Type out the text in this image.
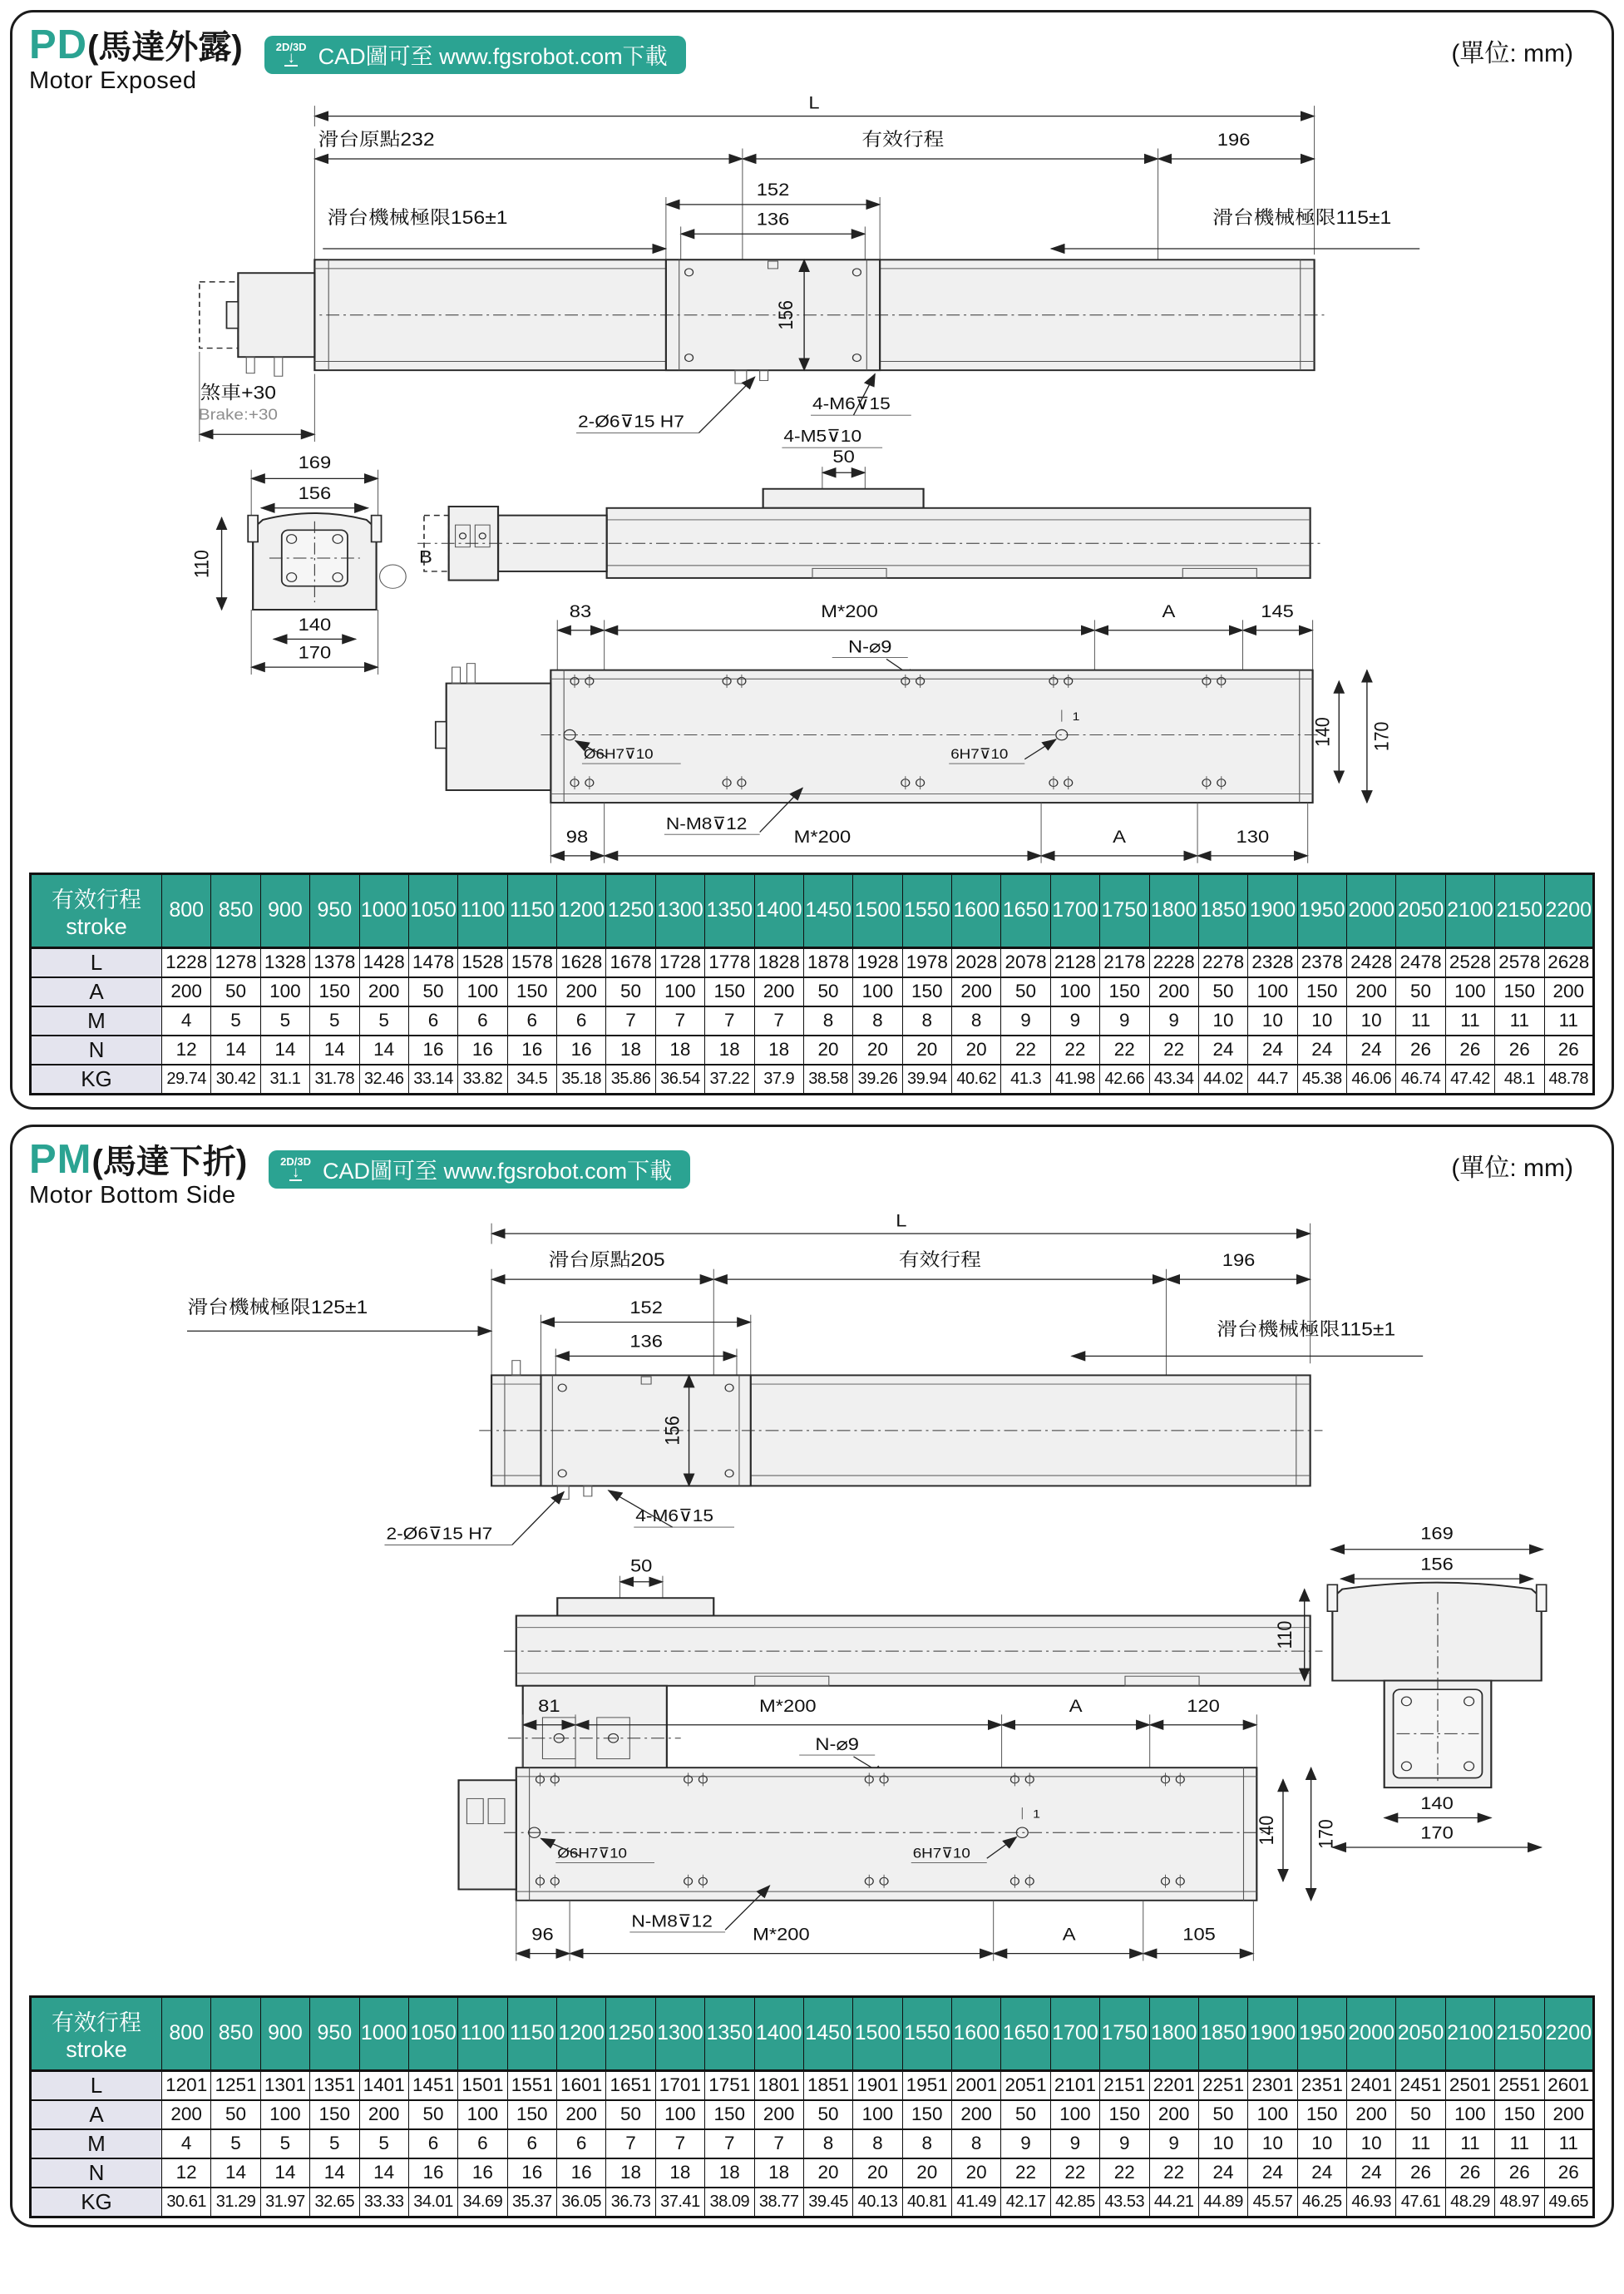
PD(馬達外露)
Motor Exposed
2D/3D
↓ CAD圖可至 www.fgsrobot.com下載	(單位: mm)
L
滑台原點232	有效行程	196
152
136
滑台機械極限156±1	滑台機械極限115±1
156
煞車+30
Brake:+30	2-Ø6⊽15 H7
4-M6⊽15
4-M5⊽10
169
156
110	B
140
170
50
83	M*200	A	145
N-⌀9
1
Ø6H7⊽10	6H7⊽10
N-M8⊽12
98	M*200	A	130
140 170
有效行程
stroke	800	850	900	950	1000	1050	1100	1150	1200	1250	1300	1350	1400	1450	1500	1550	1600	1650	1700	1750	1800	1850	1900	1950	2000	2050	2100	2150	2200
L	1228	1278	1328	1378	1428	1478	1528	1578	1628	1678	1728	1778	1828	1878	1928	1978	2028	2078	2128	2178	2228	2278	2328	2378	2428	2478	2528	2578	2628
A	200	50	100	150	200	50	100	150	200	50	100	150	200	50	100	150	200	50	100	150	200	50	100	150	200	50	100	150	200
M	4	5	5	5	5	6	6	6	6	7	7	7	7	8	8	8	8	9	9	9	9	10	10	10	10	11	11	11	11
N	12	14	14	14	14	16	16	16	16	18	18	18	18	20	20	20	20	22	22	22	22	24	24	24	24	26	26	26	26
KG	29.74	30.42	31.1	31.78	32.46	33.14	33.82	34.5	35.18	35.86	36.54	37.22	37.9	38.58	39.26	39.94	40.62	41.3	41.98	42.66	43.34	44.02	44.7	45.38	46.06	46.74	47.42	48.1	48.78
PM(馬達下折)
Motor Bottom Side
2D/3D
↓ CAD圖可至 www.fgsrobot.com下載	(單位: mm)
L
滑台原點205	有效行程	196
滑台機械極限125±1	152
136
滑台機械極限115±1
156
2-Ø6⊽15 H7
4-M6⊽15
50
169
156
110
140
170
81	M*200	A	120
N-⌀9
1
Ø6H7⊽10	6H7⊽10
N-M8⊽12
96	M*200	A	105
140 170
有效行程
stroke	800	850	900	950	1000	1050	1100	1150	1200	1250	1300	1350	1400	1450	1500	1550	1600	1650	1700	1750	1800	1850	1900	1950	2000	2050	2100	2150	2200
L	1201	1251	1301	1351	1401	1451	1501	1551	1601	1651	1701	1751	1801	1851	1901	1951	2001	2051	2101	2151	2201	2251	2301	2351	2401	2451	2501	2551	2601
A	200	50	100	150	200	50	100	150	200	50	100	150	200	50	100	150	200	50	100	150	200	50	100	150	200	50	100	150	200
M	4	5	5	5	5	6	6	6	6	7	7	7	7	8	8	8	8	9	9	9	9	10	10	10	10	11	11	11	11
N	12	14	14	14	14	16	16	16	16	18	18	18	18	20	20	20	20	22	22	22	22	24	24	24	24	26	26	26	26
KG	30.61	31.29	31.97	32.65	33.33	34.01	34.69	35.37	36.05	36.73	37.41	38.09	38.77	39.45	40.13	40.81	41.49	42.17	42.85	43.53	44.21	44.89	45.57	46.25	46.93	47.61	48.29	48.97	49.65
